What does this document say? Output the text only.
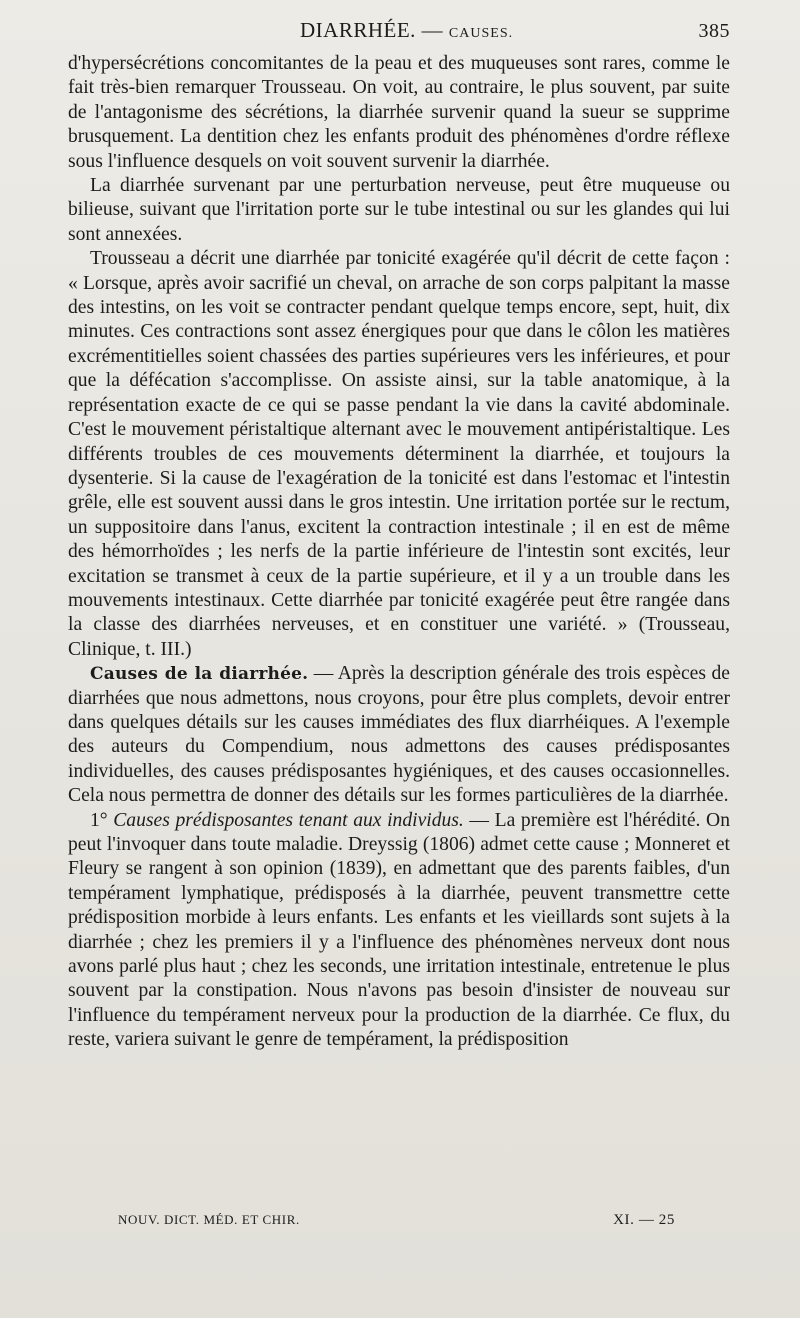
DIARRHÉE. — CAUSES.	385

d'hypersécrétions concomitantes de la peau et des muqueuses sont rares, comme le fait très-bien remarquer Trousseau. On voit, au contraire, le plus souvent, par suite de l'antagonisme des sécrétions, la diarrhée survenir quand la sueur se supprime brusquement. La dentition chez les enfants produit des phénomènes d'ordre réflexe sous l'influence desquels on voit souvent survenir la diarrhée.

La diarrhée survenant par une perturbation nerveuse, peut être muqueuse ou bilieuse, suivant que l'irritation porte sur le tube intestinal ou sur les glandes qui lui sont annexées.

Trousseau a décrit une diarrhée par tonicité exagérée qu'il décrit de cette façon : « Lorsque, après avoir sacrifié un cheval, on arrache de son corps palpitant la masse des intestins, on les voit se contracter pendant quelque temps encore, sept, huit, dix minutes. Ces contractions sont assez énergiques pour que dans le côlon les matières excrémentitielles soient chassées des parties supérieures vers les inférieures, et pour que la défécation s'accomplisse. On assiste ainsi, sur la table anatomique, à la représentation exacte de ce qui se passe pendant la vie dans la cavité abdominale. C'est le mouvement péristaltique alternant avec le mouvement antipéristaltique. Les différents troubles de ces mouvements déterminent la diarrhée, et toujours la dysenterie. Si la cause de l'exagération de la tonicité est dans l'estomac et l'intestin grêle, elle est souvent aussi dans le gros intestin. Une irritation portée sur le rectum, un suppositoire dans l'anus, excitent la contraction intestinale ; il en est de même des hémorrhoïdes ; les nerfs de la partie inférieure de l'intestin sont excités, leur excitation se transmet à ceux de la partie supérieure, et il y a un trouble dans les mouvements intestinaux. Cette diarrhée par tonicité exagérée peut être rangée dans la classe des diarrhées nerveuses, et en constituer une variété. » (Trousseau, Clinique, t. III.)

Causes de la diarrhée. — Après la description générale des trois espèces de diarrhées que nous admettons, nous croyons, pour être plus complets, devoir entrer dans quelques détails sur les causes immédiates des flux diarrhéiques. A l'exemple des auteurs du Compendium, nous admettons des causes prédisposantes individuelles, des causes prédisposantes hygiéniques, et des causes occasionnelles. Cela nous permettra de donner des détails sur les formes particulières de la diarrhée.

1° Causes prédisposantes tenant aux individus. — La première est l'hérédité. On peut l'invoquer dans toute maladie. Dreyssig (1806) admet cette cause ; Monneret et Fleury se rangent à son opinion (1839), en admettant que des parents faibles, d'un tempérament lymphatique, prédisposés à la diarrhée, peuvent transmettre cette prédisposition morbide à leurs enfants. Les enfants et les vieillards sont sujets à la diarrhée ; chez les premiers il y a l'influence des phénomènes nerveux dont nous avons parlé plus haut ; chez les seconds, une irritation intestinale, entretenue le plus souvent par la constipation. Nous n'avons pas besoin d'insister de nouveau sur l'influence du tempérament nerveux pour la production de la diarrhée. Ce flux, du reste, variera suivant le genre de tempérament, la prédisposition

NOUV. DICT. MÉD. ET CHIR.	XI. — 25
